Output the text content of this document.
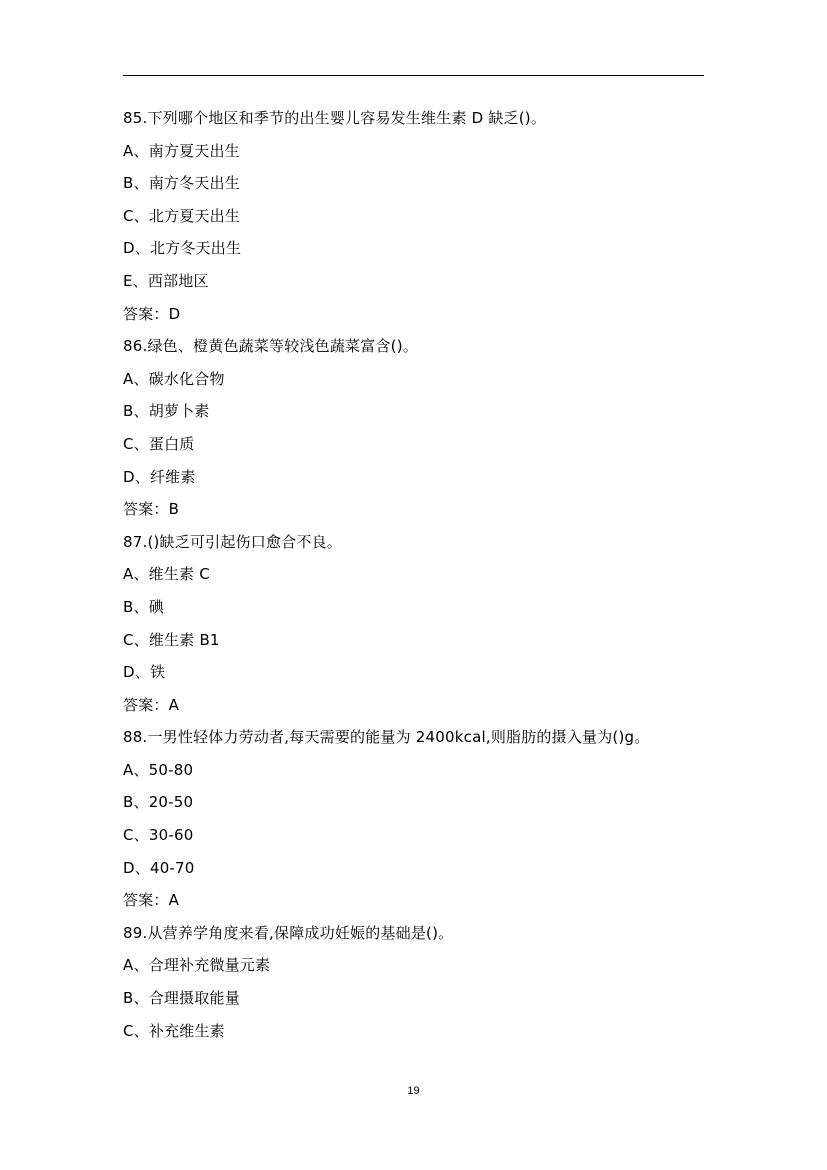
85.下列哪个地区和季节的出生婴儿容易发生维生素 D 缺乏()。
A、南方夏天出生
B、南方冬天出生
C、北方夏天出生
D、北方冬天出生
E、西部地区
答案：D
86.绿色、橙黄色蔬菜等较浅色蔬菜富含()。
A、碳水化合物
B、胡萝卜素
C、蛋白质
D、纤维素
答案：B
87.()缺乏可引起伤口愈合不良。
A、维生素 C
B、碘
C、维生素 B1
D、铁
答案：A
88.一男性轻体力劳动者,每天需要的能量为 2400kcal,则脂肪的摄入量为()g。
A、50-80
B、20-50
C、30-60
D、40-70
答案：A
89.从营养学角度来看,保障成功妊娠的基础是()。
A、合理补充微量元素
B、合理摄取能量
C、补充维生素
19
